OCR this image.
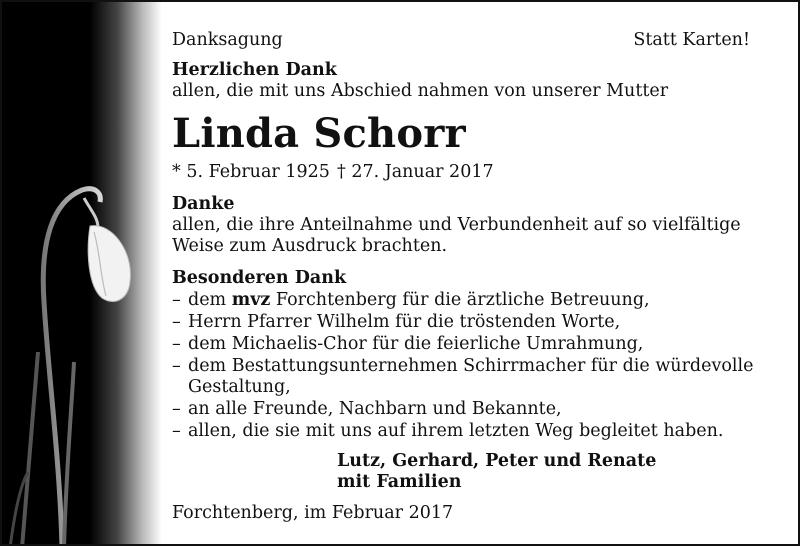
Danksagung	Statt Karten!
Herzlichen Dank
allen, die mit uns Abschied nahmen von unserer Mutter
Linda Schorr
* 5. Februar 1925 † 27. Januar 2017
Danke
allen, die ihre Anteilnahme und Verbundenheit auf so vielfältige
Weise zum Ausdruck brachten.
Besonderen Dank
– dem mvz Forchtenberg für die ärztliche Betreuung,
– Herrn Pfarrer Wilhelm für die tröstenden Worte,
– dem Michaelis-Chor für die feierliche Umrahmung,
– dem Bestattungsunternehmen Schirrmacher für die würdevolle
Gestaltung,
– an alle Freunde, Nachbarn und Bekannte,
– allen, die sie mit uns auf ihrem letzten Weg begleitet haben.
Lutz, Gerhard, Peter und Renate
mit Familien
Forchtenberg, im Februar 2017
